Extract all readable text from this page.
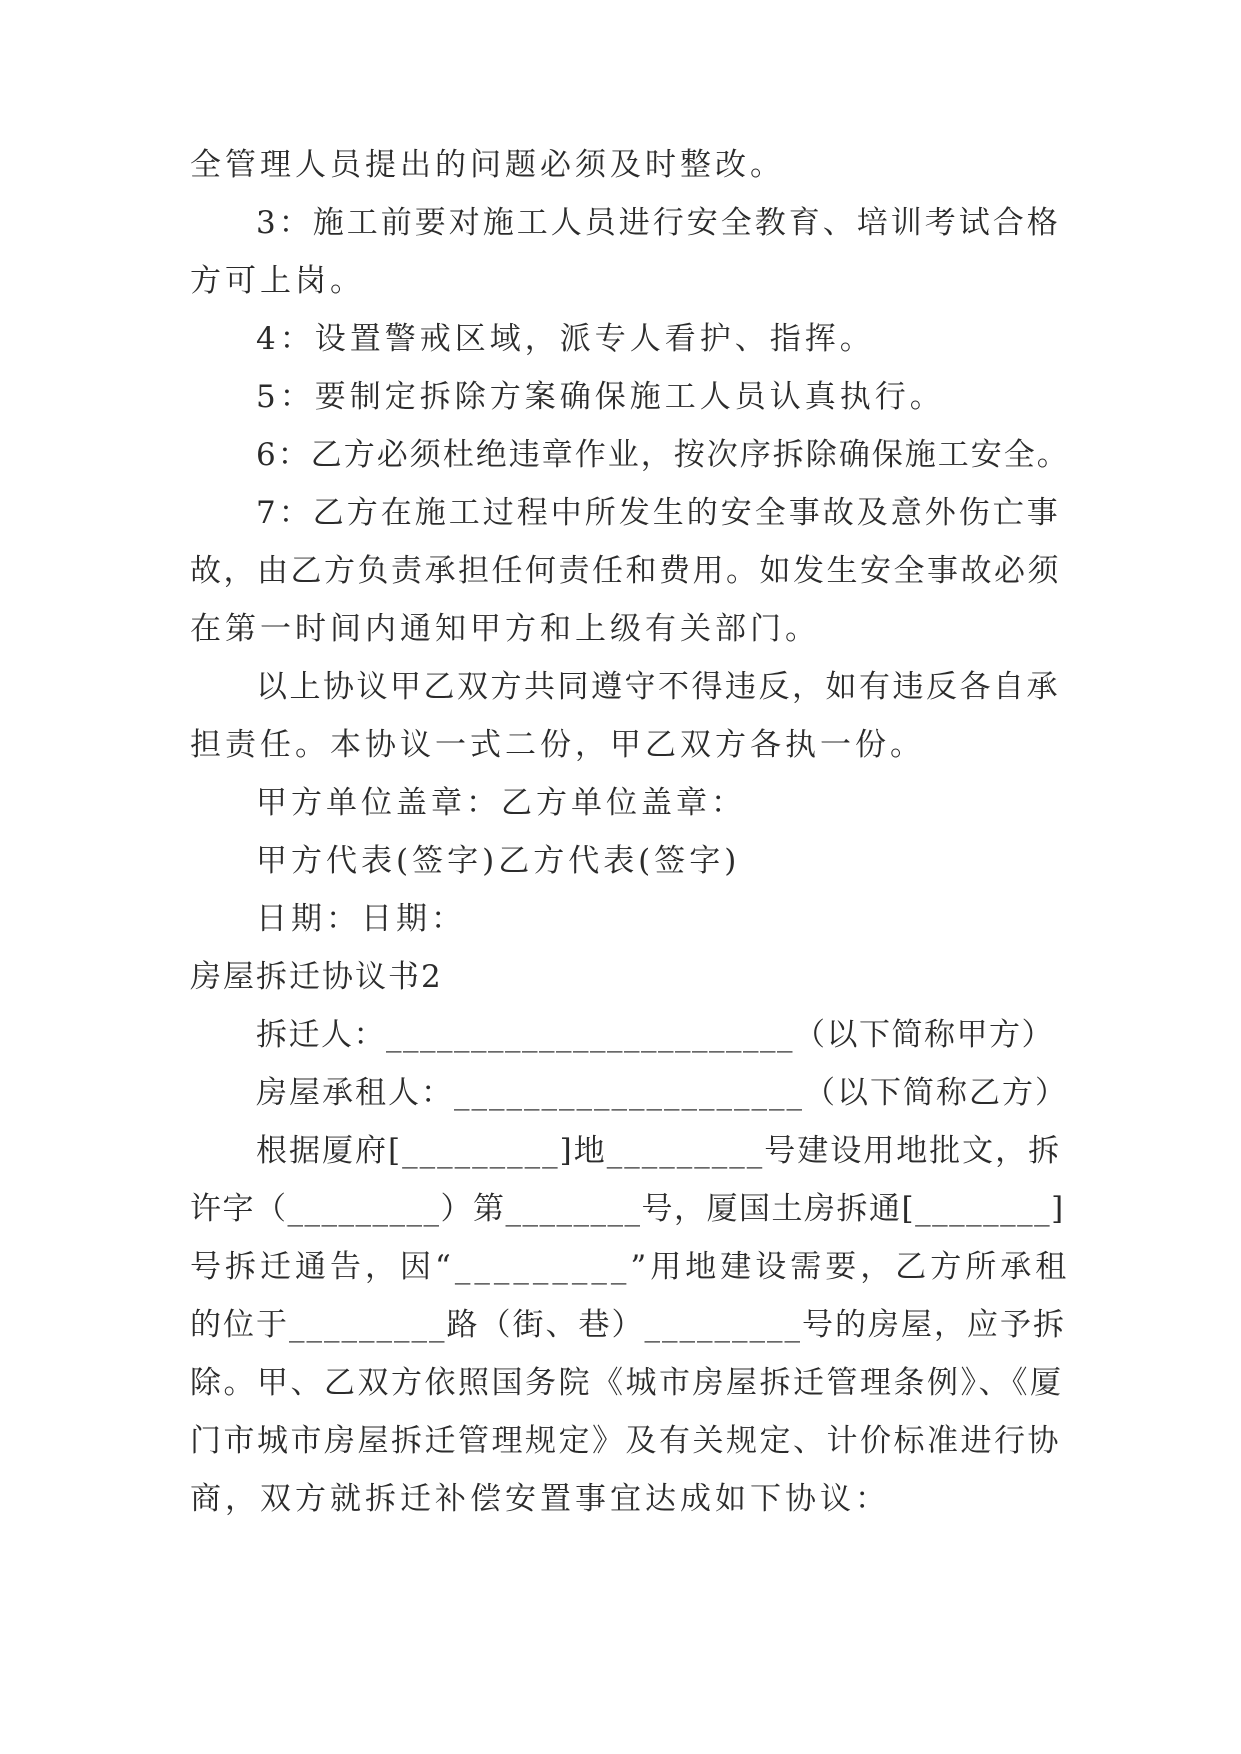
全管理人员提出的问题必须及时整改。
3：施工前要对施工人员进行安全教育、培训考试合格
方可上岗。
4：设置警戒区域，派专人看护、指挥。
5：要制定拆除方案确保施工人员认真执行。
6：乙方必须杜绝违章作业，按次序拆除确保施工安全。
7：乙方在施工过程中所发生的安全事故及意外伤亡事
故，由乙方负责承担任何责任和费用。如发生安全事故必须
在第一时间内通知甲方和上级有关部门。
以上协议甲乙双方共同遵守不得违反，如有违反各自承
担责任。本协议一式二份，甲乙双方各执一份。
甲方单位盖章：乙方单位盖章：
甲方代表(签字)乙方代表(签字)
日期：日期：
房屋拆迁协议书2
拆迁人：________________________（以下简称甲方）
房屋承租人：____________________（以下简称乙方）
根据厦府[_________]地_________号建设用地批文，拆
许字（_________）第________号，厦国土房拆通[________]
号拆迁通告，因“_________”用地建设需要，乙方所承租
的位于_________路（街、巷）_________号的房屋，应予拆
除。甲、乙双方依照国务院《城市房屋拆迁管理条例》、《厦
门市城市房屋拆迁管理规定》及有关规定、计价标准进行协
商，双方就拆迁补偿安置事宜达成如下协议：
